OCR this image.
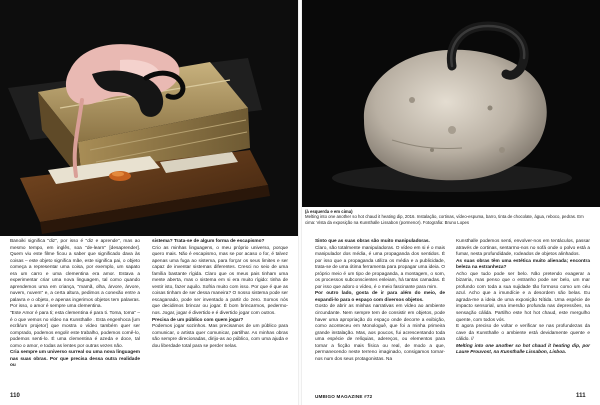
(à esquerda e em cima)
Melting into one another so hot chaud it heating dip, 2016. Instalação, cortinas, vídeo-espuma, barro, tinta de chocolate, água, reboco, pedras. Em cima: Vista da exposição na Kunsthalle Lissabon (pormenor). Fotografia: Bruno Lopes

Banoiki significa "diz", por isso é "diz e aprende", mas ao mesmo tempo, em inglês, soa "de-learn" [desaprender]. Quem viu este filme ficou a saber que significado dava às coisas – este objeto significa mãe, este significa pai, o objeto começa a representar uma coisa, por exemplo, um sapato era um carro e uma clementina era amor. Estava a experimentar criar uma nova linguagem, tal como quando aprendemos uma em criança, "mamã, olha, árvore, árvore, nuvem, nuvem" e, a certa altura, pedimos a conexão entre a palavra e o objeto, e apenas ingerimos objetos tem palavras. Por isso, o amor é sempre uma clementina.

"Este Amor é para ti; esta clementina é para ti. Toma, toma" – é o que vemos no vídeo na Kunsthalle . Esta engenhoca [um ecrã/um projetor] que mostra o vídeo também quer ser comprado, podemos engolir este trabalho, podemos comê-lo, podemos senti-lo. É uma clementina é azeda e doce, tal como o amor, e todas as lentes por outras vezes não.

Cria sempre um universo surreal ou uma nova linguagem nas suas obras. Por que precisa dessa outra realidade ou

sistema? Trata-se de algum forma de escapismo?

Crio as minhas linguagens, o meu próprio universo, porque quero mais. Não é escapismo, mas se por acaso o for, é talvez apenas uma fuga ao sistema, para forçar os seus limites e ser capaz de inventar sistemas diferentes. Cresci no seio de uma família bastante rígida. Claro que os meus pais tinham uma mente aberta, mas o sistema em si era muito rígido: tinha de vestir isto, fazer aquilo. Sofria muito com isso. Por que é que as coisas tinham de ser dessa maneira? O nosso sistema pode ser escaganado, pode ser inventado a partir do zero. Somos nós que decidimos brincar ou jogar. É bom brincarmos, pedermo-nos. Jogar, jogar é divertido e é divertido jogar com outros.

Precisa de um público com quem jogar?

Podemos jogar sozinhos. Mas precisamos de um público para comunicar, o artista quer comunicar, partilhar. As minhas obras são sempre direcionadas, dirijo-as ao público, com uma ajuda e dou liberdade total para se perder nelas.

Sinto que as suas obras são muito manipuladoras.

Claro, são totalmente manipuladoras. O vídeo em si é o mais manipulador dos média, é uma propaganda dos sentidos. É por isso que a propaganda utiliza os média e a publicidade, trata-se de uma ótima ferramenta para propagar uma ideia. O próprio meio é um tipo de propaganda, a montagem, o som, os processos subconscientes enleiam, há tantas camadas. É por isso que adoro o vídeo, é o meio fascinante para mim.

Por outro lado, gosta de ir para além do meio, de expandi-lo para o espaço com diversos objetos.

Gosto de abrir as minhas narrativas em vídeo ao ambiente circundante. Nem sempre tem de consistir em objetos, pode haver uma apropriação do espaço onde decorre a exibição, como aconteceu em Monologuê, que foi a minha primeira grande instalação. Mas, aos poucos, fui acrescentando toda uma espécie de relíquias, adereços, ou elementos para tornar a ficção mais física ou real, de modo a que, permanecendo neste terreno imaginado, consigamos tornar-nos num dos seus protagonistas. Na

Kunsthalle podemos senti, envolver-nos em tentáculos, passar através de cortinas, sentarmo-nos no sofá onde o polvo está a fumar, nesta profundidade, rodeados de objetos alinhados.

As suas obras têm uma estética muito alienada; encontra beleza na estranheza?

Acho que tudo pode ser belo. Não pretendo exagerar a bizarria, mas penso que o estranho pode ser belo, um mar profundo com toda a sua sujidade tão formoso como um céu azul. Acho que a imundície e a desordem são belas. Eu agrada-me a ideia de uma exposição Nítida. Uma espécie de impacto sensorial, uma imersão profunda nas depressões, na sensação cálida. Partilho este hot hot chaud, este mergulho quente, com todos vós.

E agora preciso de voltar e verificar se nas profundezas da cave da Kunsthalle o ambiente está devidamente quente e cálido. //

Melting into one another so hot chaud it heating dip, por Laure Prouvost, na Kunsthalle Lissabon, Lisboa.

110	UMBIGO MAGAZINE #72	111
